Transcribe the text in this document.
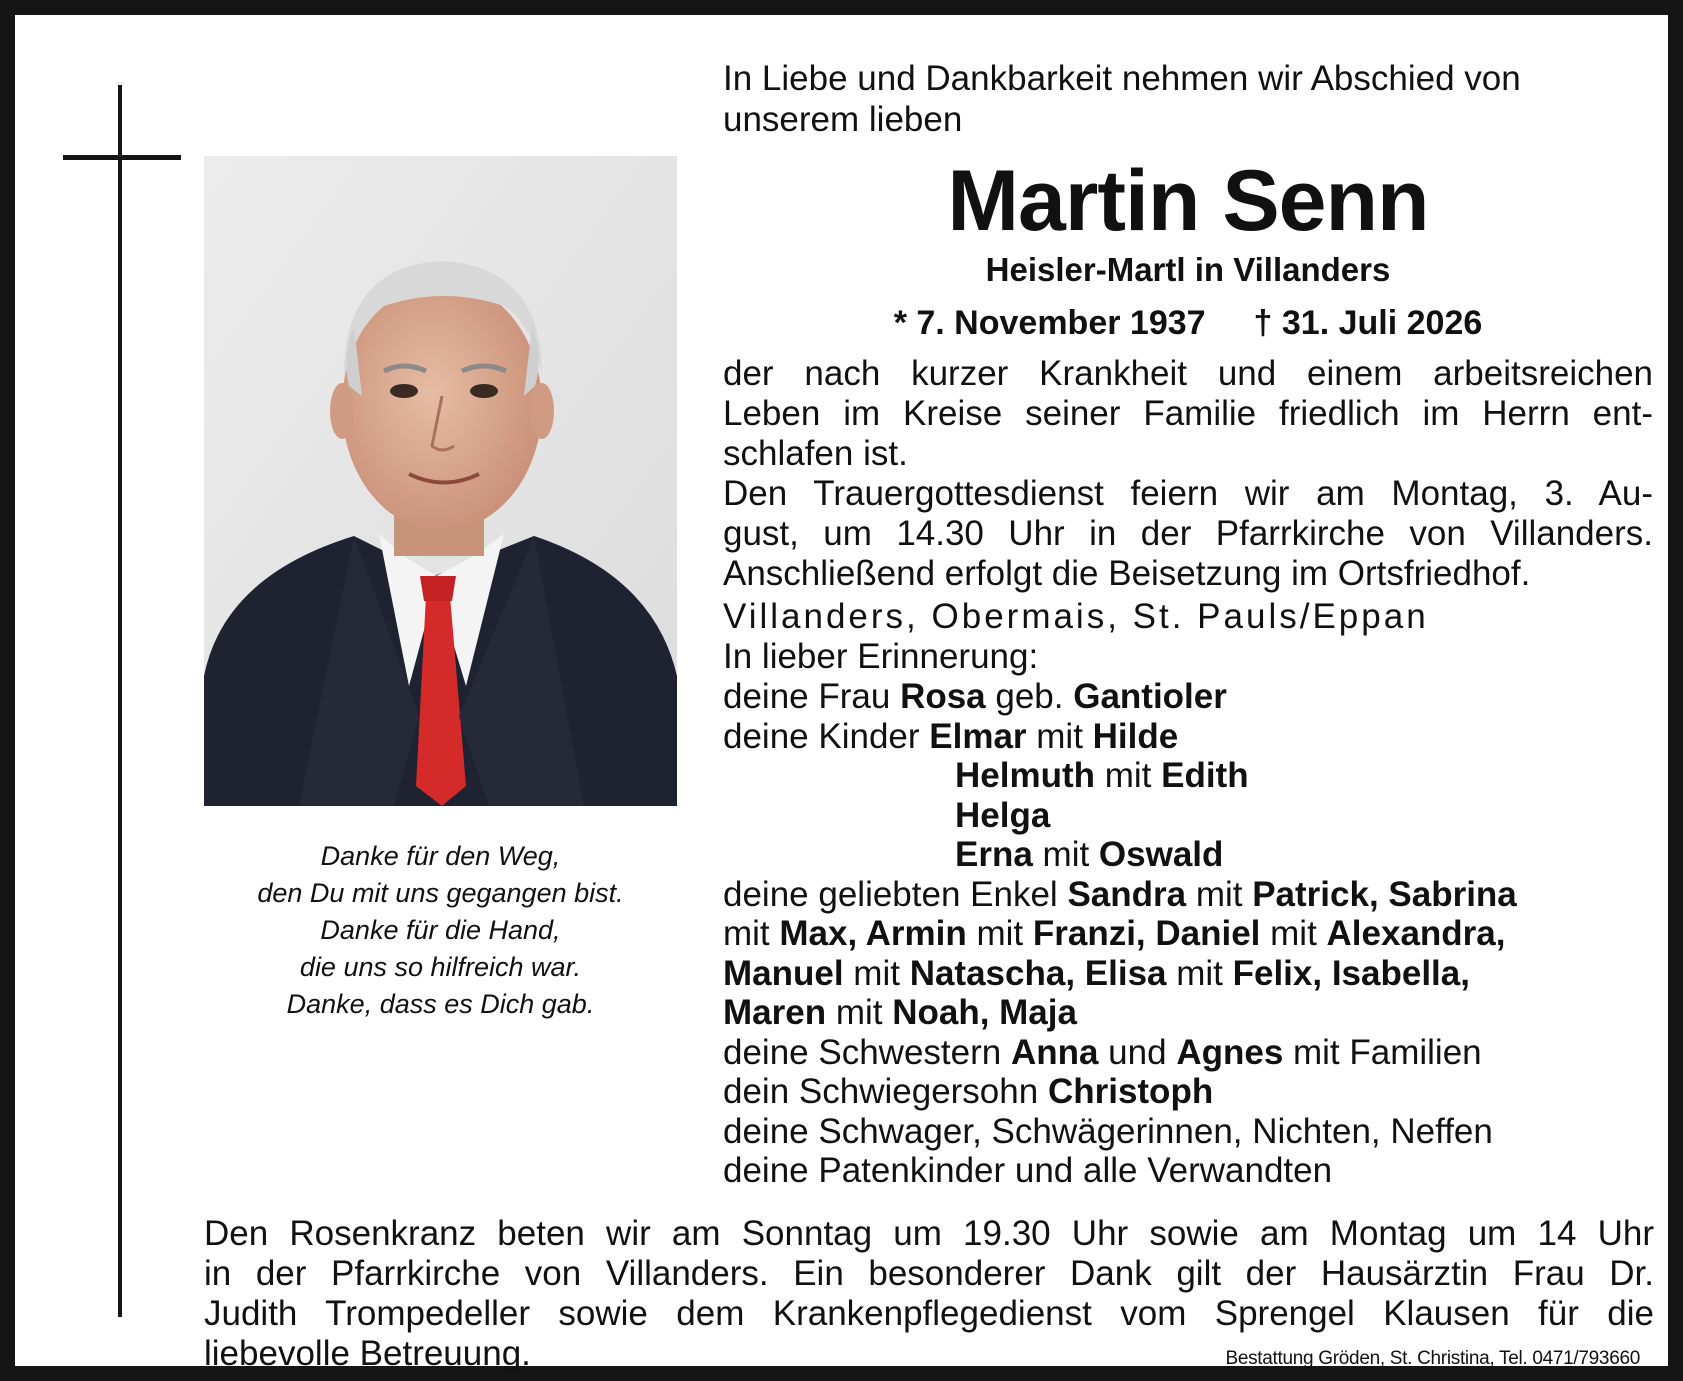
Danke für den Weg,
den Du mit uns gegangen bist.
Danke für die Hand,
die uns so hilfreich war.
Danke, dass es Dich gab.
In Liebe und Dankbarkeit nehmen wir Abschied von
unserem lieben
Martin Senn
Heisler-Martl in Villanders
* 7. November 1937 † 31. Juli 2026
der nach kurzer Krankheit und einem arbeitsreichen
Leben im Kreise seiner Familie friedlich im Herrn ent-
schlafen ist.
Den Trauergottesdienst feiern wir am Montag, 3. Au-
gust, um 14.30 Uhr in der Pfarrkirche von Villanders.
Anschließend erfolgt die Beisetzung im Ortsfriedhof.
Villanders, Obermais, St. Pauls/Eppan
In lieber Erinnerung:
deine Frau Rosa geb. Gantioler
deine Kinder Elmar mit Hilde
Helmuth mit Edith
Helga
Erna mit Oswald
deine geliebten Enkel Sandra mit Patrick, Sabrina
mit Max, Armin mit Franzi, Daniel mit Alexandra,
Manuel mit Natascha, Elisa mit Felix, Isabella,
Maren mit Noah, Maja
deine Schwestern Anna und Agnes mit Familien
dein Schwiegersohn Christoph
deine Schwager, Schwägerinnen, Nichten, Neffen
deine Patenkinder und alle Verwandten
Den Rosenkranz beten wir am Sonntag um 19.30 Uhr sowie am Montag um 14 Uhr
in der Pfarrkirche von Villanders. Ein besonderer Dank gilt der Hausärztin Frau Dr.
Judith Trompedeller sowie dem Krankenpflegedienst vom Sprengel Klausen für die
liebevolle Betreuung.	Bestattung Gröden, St. Christina, Tel. 0471/793660
